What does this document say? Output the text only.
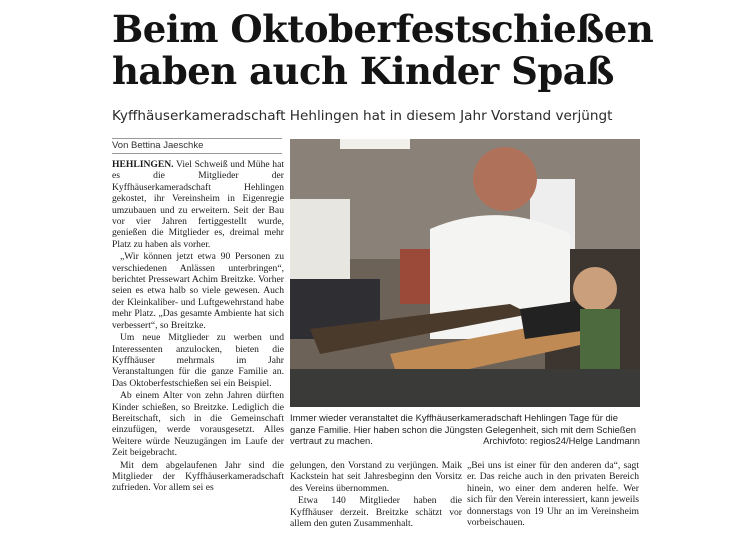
Beim Oktoberfestschießen haben auch Kinder Spaß
Kyffhäuserkameradschaft Hehlingen hat in diesem Jahr Vorstand verjüngt
Von Bettina Jaeschke

HEHLINGEN. Viel Schweiß und Mühe hat es die Mitglieder der Kyffhäuserkameradschaft Hehlingen gekostet, ihr Vereinsheim in Eigenregie umzubauen und zu erweitern. Seit der Bau vor vier Jahren fertiggestellt wurde, genießen die Mitglieder es, dreimal mehr Platz zu haben als vorher.

„Wir können jetzt etwa 90 Personen zu verschiedenen Anlässen unterbringen“, berichtet Pressewart Achim Breitzke. Vorher seien es etwa halb so viele gewesen. Auch der Kleinkaliber- und Luftgewehrstand habe mehr Platz. „Das gesamte Ambiente hat sich verbessert“, so Breitzke.

Um neue Mitglieder zu werben und Interessenten anzulocken, bieten die Kyffhäuser mehrmals im Jahr Veranstaltungen für die ganze Familie an. Das Oktoberfestschießen sei ein Beispiel.

Ab einem Alter von zehn Jahren dürften Kinder schießen, so Breitzke. Lediglich die Bereitschaft, sich in die Gemeinschaft einzufügen, werde vorausgesetzt. Alles Weitere würde Neuzugängen im Laufe der Zeit beigebracht.

Mit dem abgelaufenen Jahr sind die Mitglieder der Kyffhäuserkameradschaft zufrieden. Vor allem sei es

Immer wieder veranstaltet die Kyffhäuserkameradschaft Hehlingen Tage für die ganze Familie. Hier haben schon die Jüngsten Gelegenheit, sich mit dem Schießen vertraut zu machen.	Archivfoto: regios24/Helge Landmann

gelungen, den Vorstand zu verjüngen. Maik Kackstein hat seit Jahresbeginn den Vorsitz des Vereins übernommen.

Etwa 140 Mitglieder haben die Kyffhäuser derzeit. Breitzke schätzt vor allem den guten Zusammenhalt.

„Bei uns ist einer für den anderen da“, sagt er. Das reiche auch in den privaten Bereich hinein, wo einer dem anderen helfe. Wer sich für den Verein interessiert, kann jeweils donnerstags von 19 Uhr an im Vereinsheim vorbeischauen.
